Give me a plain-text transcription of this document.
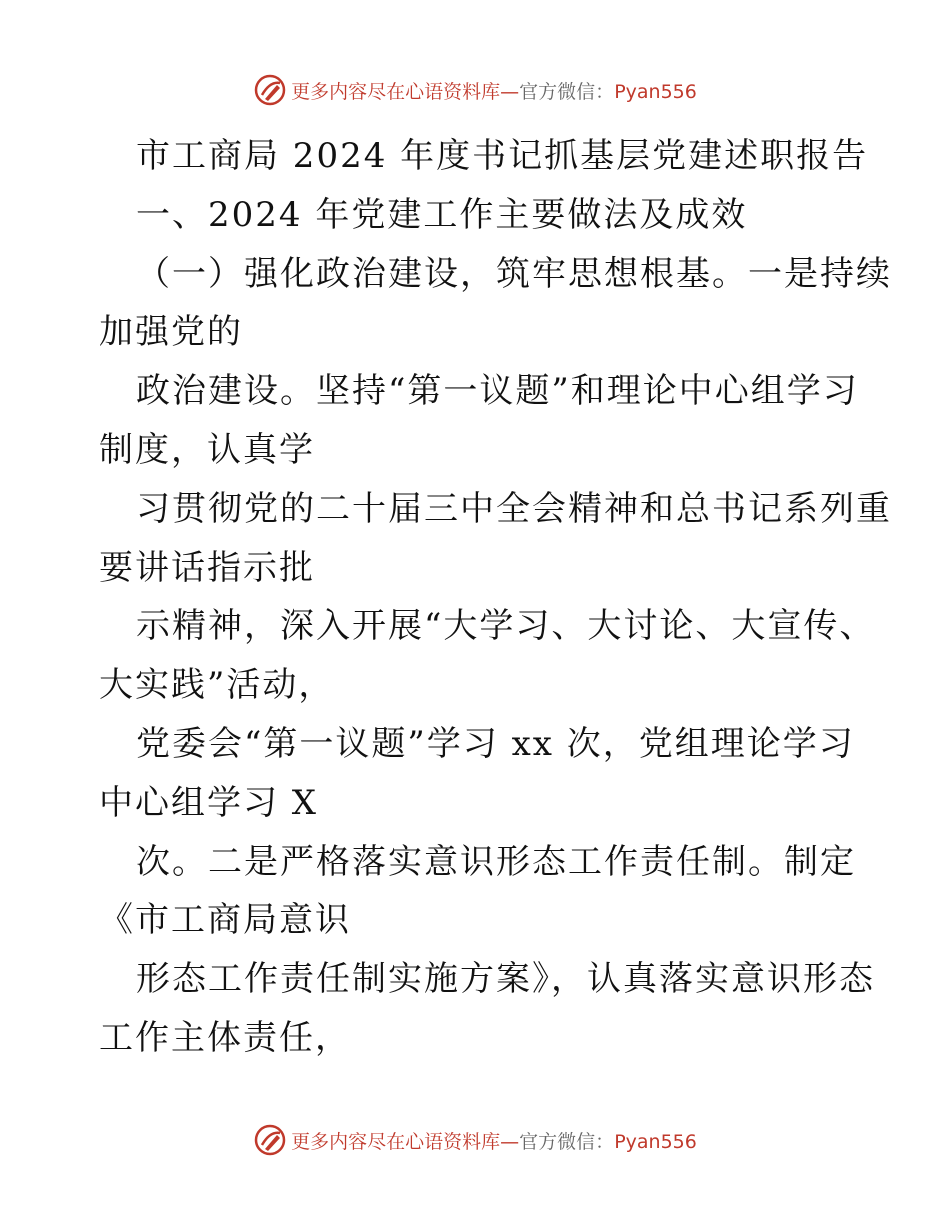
更多内容尽在心语资料库—官方微信：Pyan556
市工商局 2024 年度书记抓基层党建述职报告
一、2024 年党建工作主要做法及成效
（一）强化政治建设，筑牢思想根基。一是持续
加强党的
政治建设。坚持“第一议题”和理论中心组学习
制度，认真学
习贯彻党的二十届三中全会精神和总书记系列重
要讲话指示批
示精神，深入开展“大学习、大讨论、大宣传、
大实践”活动，
党委会“第一议题”学习 xx 次，党组理论学习
中心组学习 X
次。二是严格落实意识形态工作责任制。制定
《市工商局意识
形态工作责任制实施方案》，认真落实意识形态
工作主体责任，
更多内容尽在心语资料库—官方微信：Pyan556
